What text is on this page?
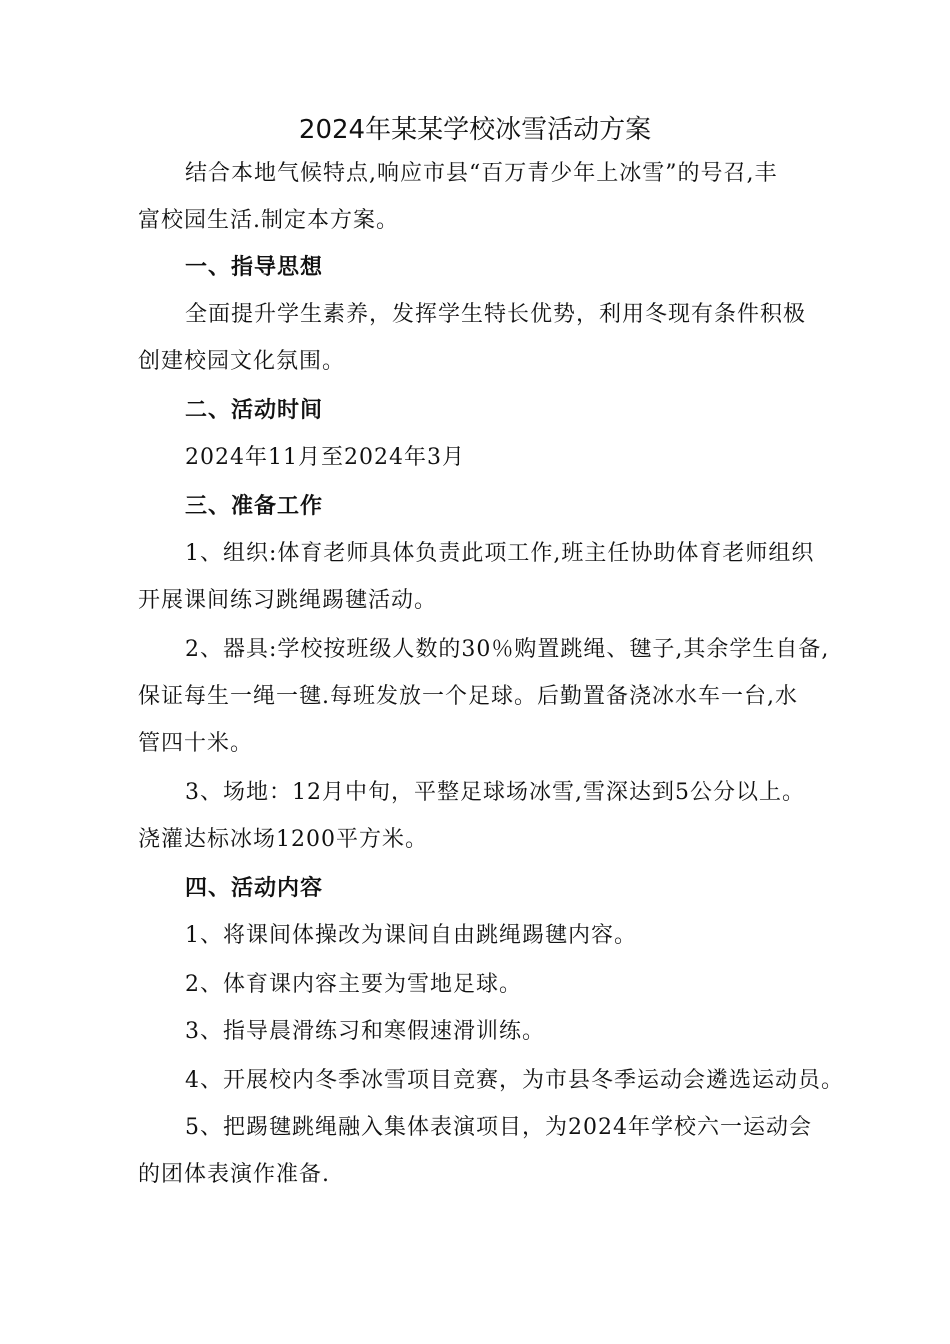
2024年某某学校冰雪活动方案
结合本地气候特点,响应市县“百万青少年上冰雪”的号召,丰
富校园生活.制定本方案。
一、指导思想
全面提升学生素养，发挥学生特长优势，利用冬现有条件积极
创建校园文化氛围。
二、活动时间
2024年11月至2024年3月
三、准备工作
1、组织:体育老师具体负责此项工作,班主任协助体育老师组织
开展课间练习跳绳踢毽活动。
2、器具:学校按班级人数的30％购置跳绳、毽子,其余学生自备,
保证每生一绳一毽.每班发放一个足球。后勤置备浇冰水车一台,水
管四十米。
3、场地：12月中旬，平整足球场冰雪,雪深达到5公分以上。
浇灌达标冰场1200平方米。
四、活动内容
1、将课间体操改为课间自由跳绳踢毽内容。
2、体育课内容主要为雪地足球。
3、指导晨滑练习和寒假速滑训练。
4、开展校内冬季冰雪项目竞赛，为市县冬季运动会遴选运动员。
5、把踢毽跳绳融入集体表演项目，为2024年学校六一运动会
的团体表演作准备.
